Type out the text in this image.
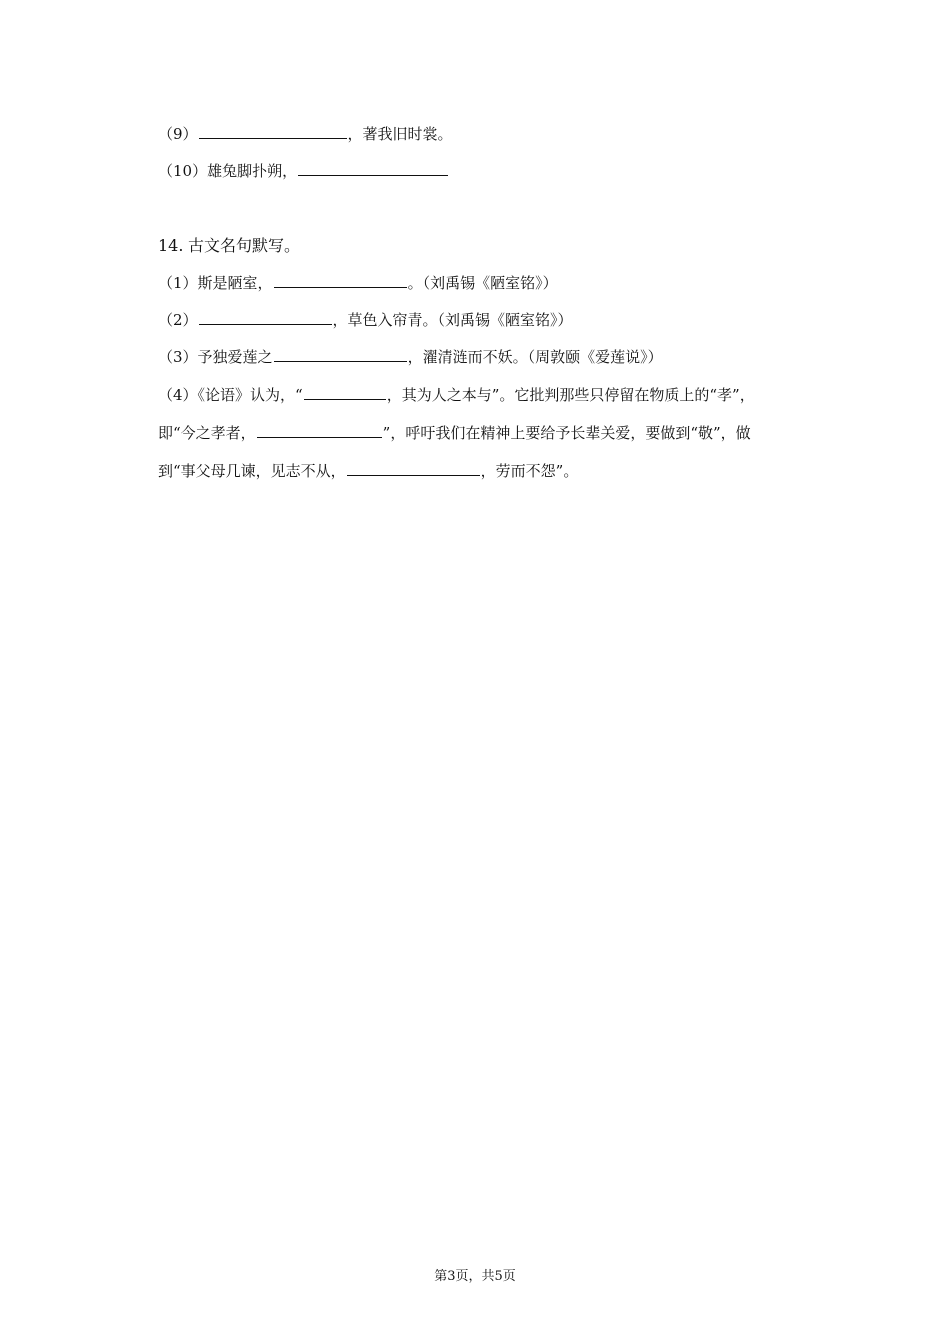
（9）	，著我旧时裳。
（10）雄兔脚扑朔，
14. 古文名句默写。
（1）斯是陋室，	。（刘禹锡《陋室铭》）
（2）	，草色入帘青。（刘禹锡《陋室铭》）
（3）予独爱莲之	，濯清涟而不妖。（周敦颐《爱莲说》）
（4）《论语》认为，“	，其为人之本与”。它批判那些只停留在物质上的“孝”，
即“今之孝者，	”，呼吁我们在精神上要给予长辈关爱，要做到“敬”，做
到“事父母几谏，见志不从，	，劳而不怨”。
第3页，共5页
